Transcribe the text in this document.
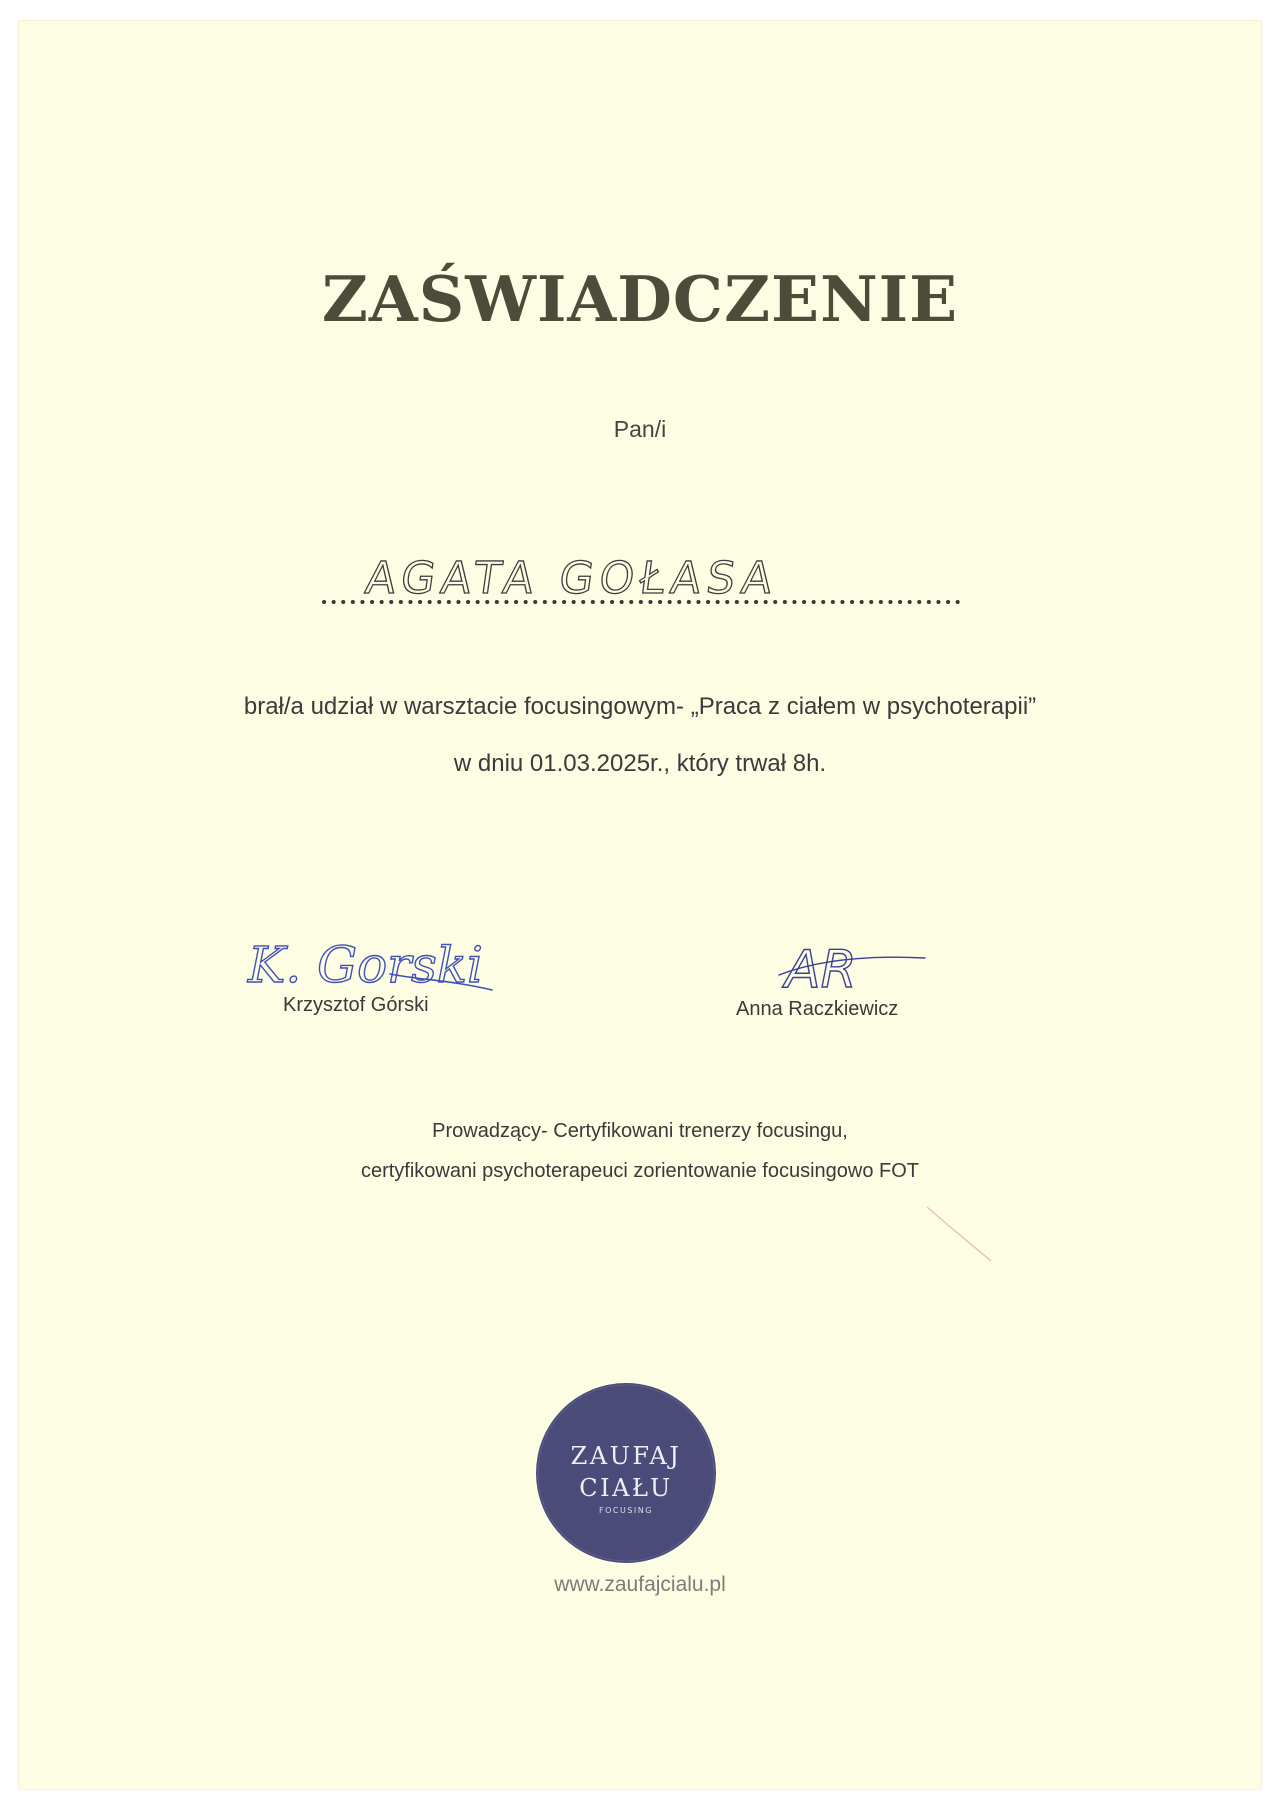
ZAŚWIADCZENIE
Pan/i
AGATA GOŁASA
brał/a udział w warsztacie focusingowym- „Praca z ciałem w psychoterapii”
w dniu 01.03.2025r., który trwał 8h.
K. Gorski
Krzysztof Górski
AR
Anna Raczkiewicz
Prowadzący- Certyfikowani trenerzy focusingu,
certyfikowani psychoterapeuci zorientowanie focusingowo FOT
ZAUFAJ
CIAŁU
FOCUSING
www.zaufajcialu.pl
